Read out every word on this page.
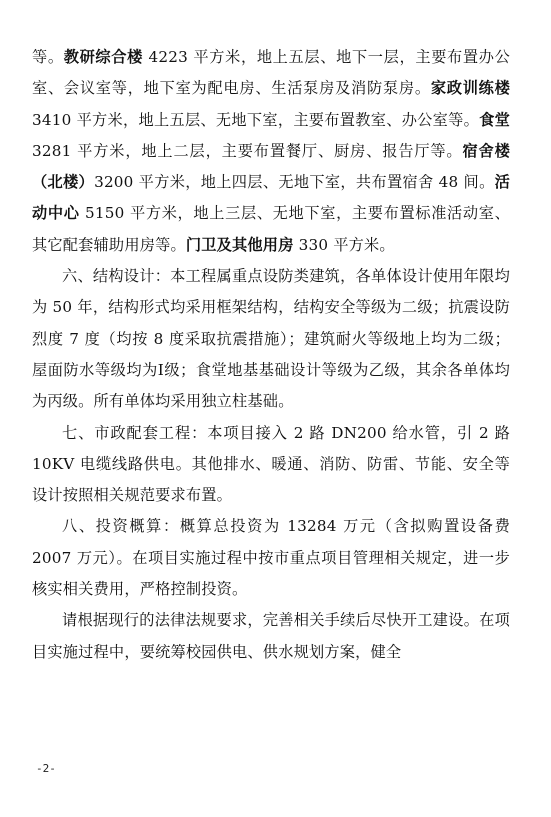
等。教研综合楼 4223 平方米，地上五层、地下一层，主要布置办公室、会议室等，地下室为配电房、生活泵房及消防泵房。家政训练楼 3410 平方米，地上五层、无地下室，主要布置教室、办公室等。食堂 3281 平方米，地上二层，主要布置餐厅、厨房、报告厅等。宿舍楼（北楼）3200 平方米，地上四层、无地下室，共布置宿舍 48 间。活动中心 5150 平方米，地上三层、无地下室，主要布置标准活动室、其它配套辅助用房等。门卫及其他用房 330 平方米。

六、结构设计：本工程属重点设防类建筑，各单体设计使用年限均为 50 年，结构形式均采用框架结构，结构安全等级为二级；抗震设防烈度 7 度（均按 8 度采取抗震措施）；建筑耐火等级地上均为二级；屋面防水等级均为I级；食堂地基基础设计等级为乙级，其余各单体均为丙级。所有单体均采用独立柱基础。

七、市政配套工程：本项目接入 2 路 DN200 给水管，引 2 路 10KV 电缆线路供电。其他排水、暖通、消防、防雷、节能、安全等设计按照相关规范要求布置。

八、投资概算：概算总投资为 13284 万元（含拟购置设备费 2007 万元）。在项目实施过程中按市重点项目管理相关规定，进一步核实相关费用，严格控制投资。

请根据现行的法律法规要求，完善相关手续后尽快开工建设。在项目实施过程中，要统筹校园供电、供水规划方案，健全

-2-
